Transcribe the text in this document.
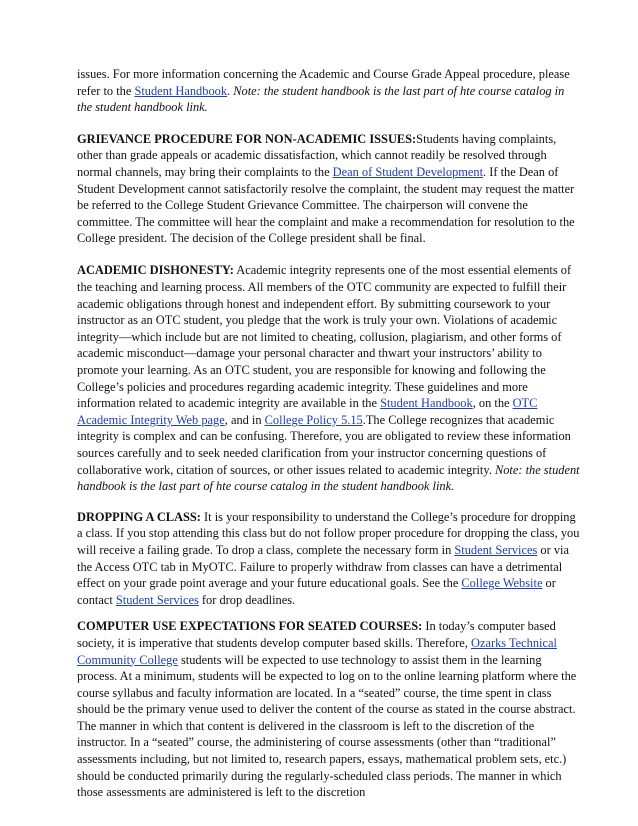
issues. For more information concerning the Academic and Course Grade Appeal procedure, please refer to the Student Handbook. Note: the student handbook is the last part of hte course catalog in the student handbook link.

GRIEVANCE PROCEDURE FOR NON-ACADEMIC ISSUES:Students having complaints, other than grade appeals or academic dissatisfaction, which cannot readily be resolved through normal channels, may bring their complaints to the Dean of Student Development. If the Dean of Student Development cannot satisfactorily resolve the complaint, the student may request the matter be referred to the College Student Grievance Committee. The chairperson will convene the committee. The committee will hear the complaint and make a recommendation for resolution to the College president. The decision of the College president shall be final.

ACADEMIC DISHONESTY: Academic integrity represents one of the most essential elements of the teaching and learning process. All members of the OTC community are expected to fulfill their academic obligations through honest and independent effort. By submitting coursework to your instructor as an OTC student, you pledge that the work is truly your own. Violations of academic integrity—which include but are not limited to cheating, collusion, plagiarism, and other forms of academic misconduct—damage your personal character and thwart your instructors’ ability to promote your learning. As an OTC student, you are responsible for knowing and following the College’s policies and procedures regarding academic integrity. These guidelines and more information related to academic integrity are available in the Student Handbook, on the OTC Academic Integrity Web page, and in College Policy 5.15.The College recognizes that academic integrity is complex and can be confusing. Therefore, you are obligated to review these information sources carefully and to seek needed clarification from your instructor concerning questions of collaborative work, citation of sources, or other issues related to academic integrity. Note: the student handbook is the last part of hte course catalog in the student handbook link.

DROPPING A CLASS: It is your responsibility to understand the College’s procedure for dropping a class. If you stop attending this class but do not follow proper procedure for dropping the class, you will receive a failing grade. To drop a class, complete the necessary form in Student Services or via the Access OTC tab in MyOTC. Failure to properly withdraw from classes can have a detrimental effect on your grade point average and your future educational goals. See the College Website or contact Student Services for drop deadlines.

COMPUTER USE EXPECTATIONS FOR SEATED COURSES: In today’s computer based society, it is imperative that students develop computer based skills. Therefore, Ozarks Technical Community College students will be expected to use technology to assist them in the learning process. At a minimum, students will be expected to log on to the online learning platform where the course syllabus and faculty information are located. In a “seated” course, the time spent in class should be the primary venue used to deliver the content of the course as stated in the course abstract. The manner in which that content is delivered in the classroom is left to the discretion of the instructor. In a “seated” course, the administering of course assessments (other than “traditional” assessments including, but not limited to, research papers, essays, mathematical problem sets, etc.) should be conducted primarily during the regularly-scheduled class periods. The manner in which those assessments are administered is left to the discretion
